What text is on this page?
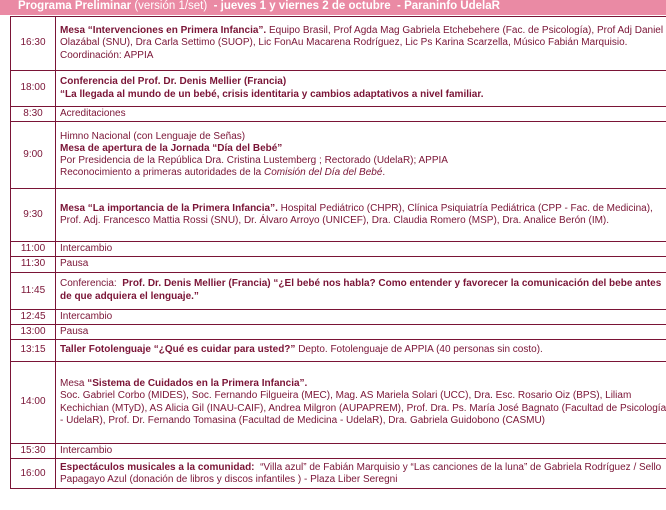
Programa Preliminar (versión 1/set) - jueves 1 y viernes 2 de octubre - Paraninfo UdelaR
16:30	Mesa “Intervenciones en Primera Infancia”. Equipo Brasil, Prof Agda Mag Gabriela Etchebehere (Fac. de Psicología), Prof Adj Daniel Olazábal (SNU), Dra Carla Settimo (SUOP), Lic FonAu Macarena Rodríguez, Lic Ps Karina Scarzella, Músico Fabián Marquisio. Coordinación: APPIA
18:00	Conferencia del Prof. Dr. Denis Mellier (Francia)
“La llegada al mundo de un bebé, crisis identitaria y cambios adaptativos a nivel familiar.

8:30	Acreditaciones
9:00	Himno Nacional (con Lenguaje de Señas)
Mesa de apertura de la Jornada “Día del Bebé”
Por Presidencia de la República Dra. Cristina Lustemberg ; Rectorado (UdelaR); APPIA
Reconocimiento a primeras autoridades de la Comisión del Día del Bebé.

9:30	Mesa “La importancia de la Primera Infancia”. Hospital Pediátrico (CHPR), Clínica Psiquiatría Pediátrica (CPP - Fac. de Medicina), Prof. Adj. Francesco Mattia Rossi (SNU), Dr. Álvaro Arroyo (UNICEF), Dra. Claudia Romero (MSP), Dra. Analice Berón (IM).
11:00	Intercambio
11:30	Pausa
11:45	Conferencia: Prof. Dr. Denis Mellier (Francia) “¿El bebé nos habla? Como entender y favorecer la comunicación del bebe antes de que adquiera el lenguaje.”
12:45	Intercambio
13:00	Pausa
13:15	Taller Fotolenguaje “¿Qué es cuidar para usted?” Depto. Fotolenguaje de APPIA (40 personas sin costo).
14:00	Mesa “Sistema de Cuidados en la Primera Infancia”.
Soc. Gabriel Corbo (MIDES), Soc. Fernando Filgueira (MEC), Mag. AS Mariela Solari (UCC), Dra. Esc. Rosario Oiz (BPS), Liliam Kechichian (MTyD), AS Alicia Gil (INAU-CAIF), Andrea Milgron (AUPAPREM), Prof. Dra. Ps. María José Bagnato (Facultad de Psicología - UdelaR), Prof. Dr. Fernando Tomasina (Facultad de Medicina - UdelaR), Dra. Gabriela Guidobono (CASMU)
15:30	Intercambio
16:00	Espectáculos musicales a la comunidad: “Villa azul” de Fabián Marquisio y “Las canciones de la luna” de Gabriela Rodríguez / Sello Papagayo Azul (donación de libros y discos infantiles ) - Plaza Liber Seregni
